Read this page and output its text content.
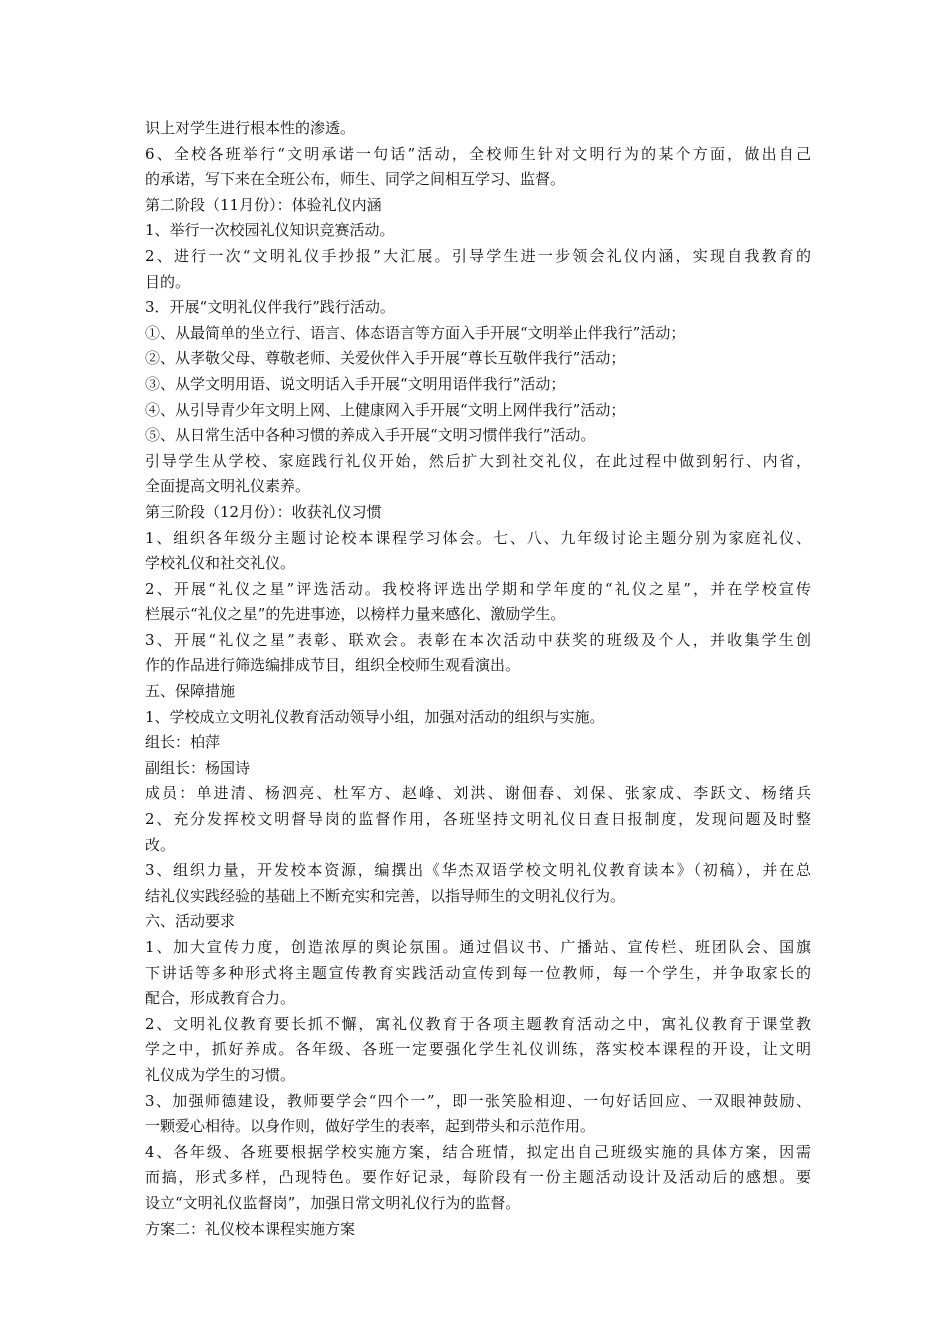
识上对学生进行根本性的渗透。
6、全校各班举行“文明承诺一句话”活动，全校师生针对文明行为的某个方面，做出自己
的承诺，写下来在全班公布，师生、同学之间相互学习、监督。
第二阶段（11月份）：体验礼仪内涵
1、举行一次校园礼仪知识竞赛活动。
2、进行一次“文明礼仪手抄报”大汇展。引导学生进一步领会礼仪内涵，实现自我教育的
目的。
3．开展“文明礼仪伴我行”践行活动。
①、从最简单的坐立行、语言、体态语言等方面入手开展“文明举止伴我行”活动；
②、从孝敬父母、尊敬老师、关爱伙伴入手开展“尊长互敬伴我行”活动；
③、从学文明用语、说文明话入手开展“文明用语伴我行”活动；
④、从引导青少年文明上网、上健康网入手开展“文明上网伴我行”活动；
⑤、从日常生活中各种习惯的养成入手开展“文明习惯伴我行”活动。
引导学生从学校、家庭践行礼仪开始，然后扩大到社交礼仪，在此过程中做到躬行、内省，
全面提高文明礼仪素养。
第三阶段（12月份）：收获礼仪习惯
1、组织各年级分主题讨论校本课程学习体会。七、八、九年级讨论主题分别为家庭礼仪、
学校礼仪和社交礼仪。
2、开展“礼仪之星”评选活动。我校将评选出学期和学年度的“礼仪之星”，并在学校宣传
栏展示“礼仪之星”的先进事迹，以榜样力量来感化、激励学生。
3、开展“礼仪之星”表彰、联欢会。表彰在本次活动中获奖的班级及个人，并收集学生创
作的作品进行筛选编排成节目，组织全校师生观看演出。
五、保障措施
1、学校成立文明礼仪教育活动领导小组，加强对活动的组织与实施。
组长：柏萍
副组长：杨国诗
成员：单进清、杨泗亮、杜军方、赵峰、刘洪、谢佃春、刘保、张家成、李跃文、杨绪兵
2、充分发挥校文明督导岗的监督作用，各班坚持文明礼仪日查日报制度，发现问题及时整
改。
3、组织力量，开发校本资源，编撰出《华杰双语学校文明礼仪教育读本》（初稿），并在总
结礼仪实践经验的基础上不断充实和完善，以指导师生的文明礼仪行为。
六、活动要求
1、加大宣传力度，创造浓厚的舆论氛围。通过倡议书、广播站、宣传栏、班团队会、国旗
下讲话等多种形式将主题宣传教育实践活动宣传到每一位教师，每一个学生，并争取家长的
配合，形成教育合力。
2、文明礼仪教育要长抓不懈，寓礼仪教育于各项主题教育活动之中，寓礼仪教育于课堂教
学之中，抓好养成。各年级、各班一定要强化学生礼仪训练，落实校本课程的开设，让文明
礼仪成为学生的习惯。
3、加强师德建设，教师要学会“四个一”，即一张笑脸相迎、一句好话回应、一双眼神鼓励、
一颗爱心相待。以身作则，做好学生的表率，起到带头和示范作用。
4、各年级、各班要根据学校实施方案，结合班情，拟定出自己班级实施的具体方案，因需
而搞，形式多样，凸现特色。要作好记录，每阶段有一份主题活动设计及活动后的感想。要
设立“文明礼仪监督岗”，加强日常文明礼仪行为的监督。
方案二：礼仪校本课程实施方案
